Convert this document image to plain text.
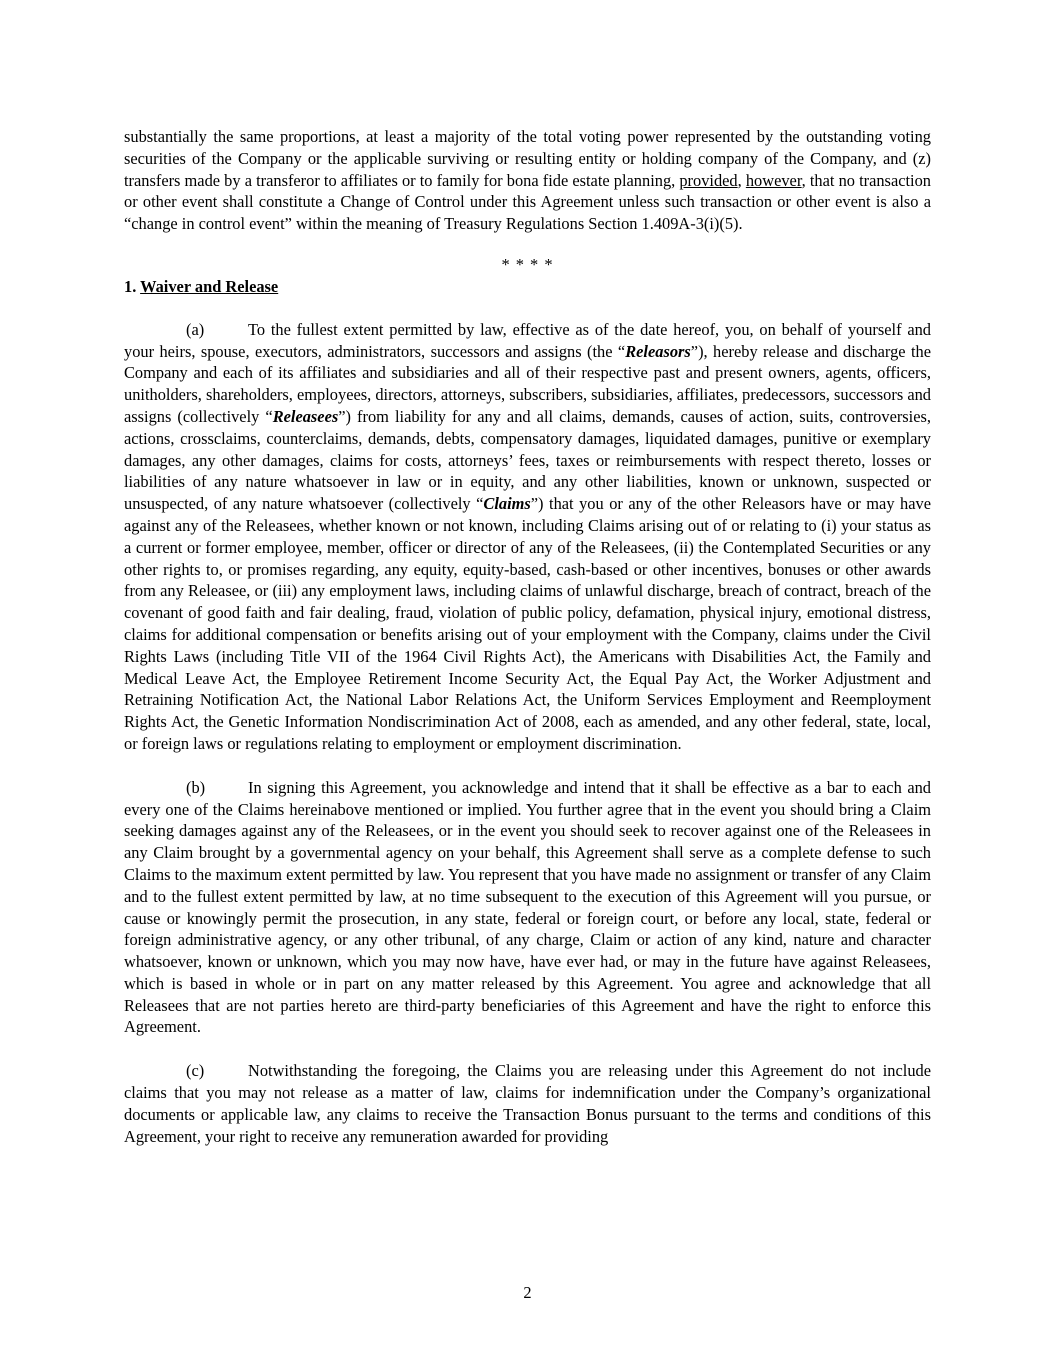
substantially the same proportions, at least a majority of the total voting power represented by the outstanding voting securities of the Company or the applicable surviving or resulting entity or holding company of the Company, and (z) transfers made by a transferor to affiliates or to family for bona fide estate planning, provided, however, that no transaction or other event shall constitute a Change of Control under this Agreement unless such transaction or other event is also a “change in control event” within the meaning of Treasury Regulations Section 1.409A-3(i)(5).

* * * *
1. Waiver and Release

(a)	To the fullest extent permitted by law, effective as of the date hereof, you, on behalf of yourself and your heirs, spouse, executors, administrators, successors and assigns (the “Releasors”), hereby release and discharge the Company and each of its affiliates and subsidiaries and all of their respective past and present owners, agents, officers, unitholders, shareholders, employees, directors, attorneys, subscribers, subsidiaries, affiliates, predecessors, successors and assigns (collectively “Releasees”) from liability for any and all claims, demands, causes of action, suits, controversies, actions, crossclaims, counterclaims, demands, debts, compensatory damages, liquidated damages, punitive or exemplary damages, any other damages, claims for costs, attorneys’ fees, taxes or reimbursements with respect thereto, losses or liabilities of any nature whatsoever in law or in equity, and any other liabilities, known or unknown, suspected or unsuspected, of any nature whatsoever (collectively “Claims”) that you or any of the other Releasors have or may have against any of the Releasees, whether known or not known, including Claims arising out of or relating to (i) your status as a current or former employee, member, officer or director of any of the Releasees, (ii) the Contemplated Securities or any other rights to, or promises regarding, any equity, equity-based, cash-based or other incentives, bonuses or other awards from any Releasee, or (iii) any employment laws, including claims of unlawful discharge, breach of contract, breach of the covenant of good faith and fair dealing, fraud, violation of public policy, defamation, physical injury, emotional distress, claims for additional compensation or benefits arising out of your employment with the Company, claims under the Civil Rights Laws (including Title VII of the 1964 Civil Rights Act), the Americans with Disabilities Act, the Family and Medical Leave Act, the Employee Retirement Income Security Act, the Equal Pay Act, the Worker Adjustment and Retraining Notification Act, the National Labor Relations Act, the Uniform Services Employment and Reemployment Rights Act, the Genetic Information Nondiscrimination Act of 2008, each as amended, and any other federal, state, local, or foreign laws or regulations relating to employment or employment discrimination.

(b)	In signing this Agreement, you acknowledge and intend that it shall be effective as a bar to each and every one of the Claims hereinabove mentioned or implied. You further agree that in the event you should bring a Claim seeking damages against any of the Releasees, or in the event you should seek to recover against one of the Releasees in any Claim brought by a governmental agency on your behalf, this Agreement shall serve as a complete defense to such Claims to the maximum extent permitted by law. You represent that you have made no assignment or transfer of any Claim and to the fullest extent permitted by law, at no time subsequent to the execution of this Agreement will you pursue, or cause or knowingly permit the prosecution, in any state, federal or foreign court, or before any local, state, federal or foreign administrative agency, or any other tribunal, of any charge, Claim or action of any kind, nature and character whatsoever, known or unknown, which you may now have, have ever had, or may in the future have against Releasees, which is based in whole or in part on any matter released by this Agreement. You agree and acknowledge that all Releasees that are not parties hereto are third-party beneficiaries of this Agreement and have the right to enforce this Agreement.

(c)	Notwithstanding the foregoing, the Claims you are releasing under this Agreement do not include claims that you may not release as a matter of law, claims for indemnification under the Company’s organizational documents or applicable law, any claims to receive the Transaction Bonus pursuant to the terms and conditions of this Agreement, your right to receive any remuneration awarded for providing

2
